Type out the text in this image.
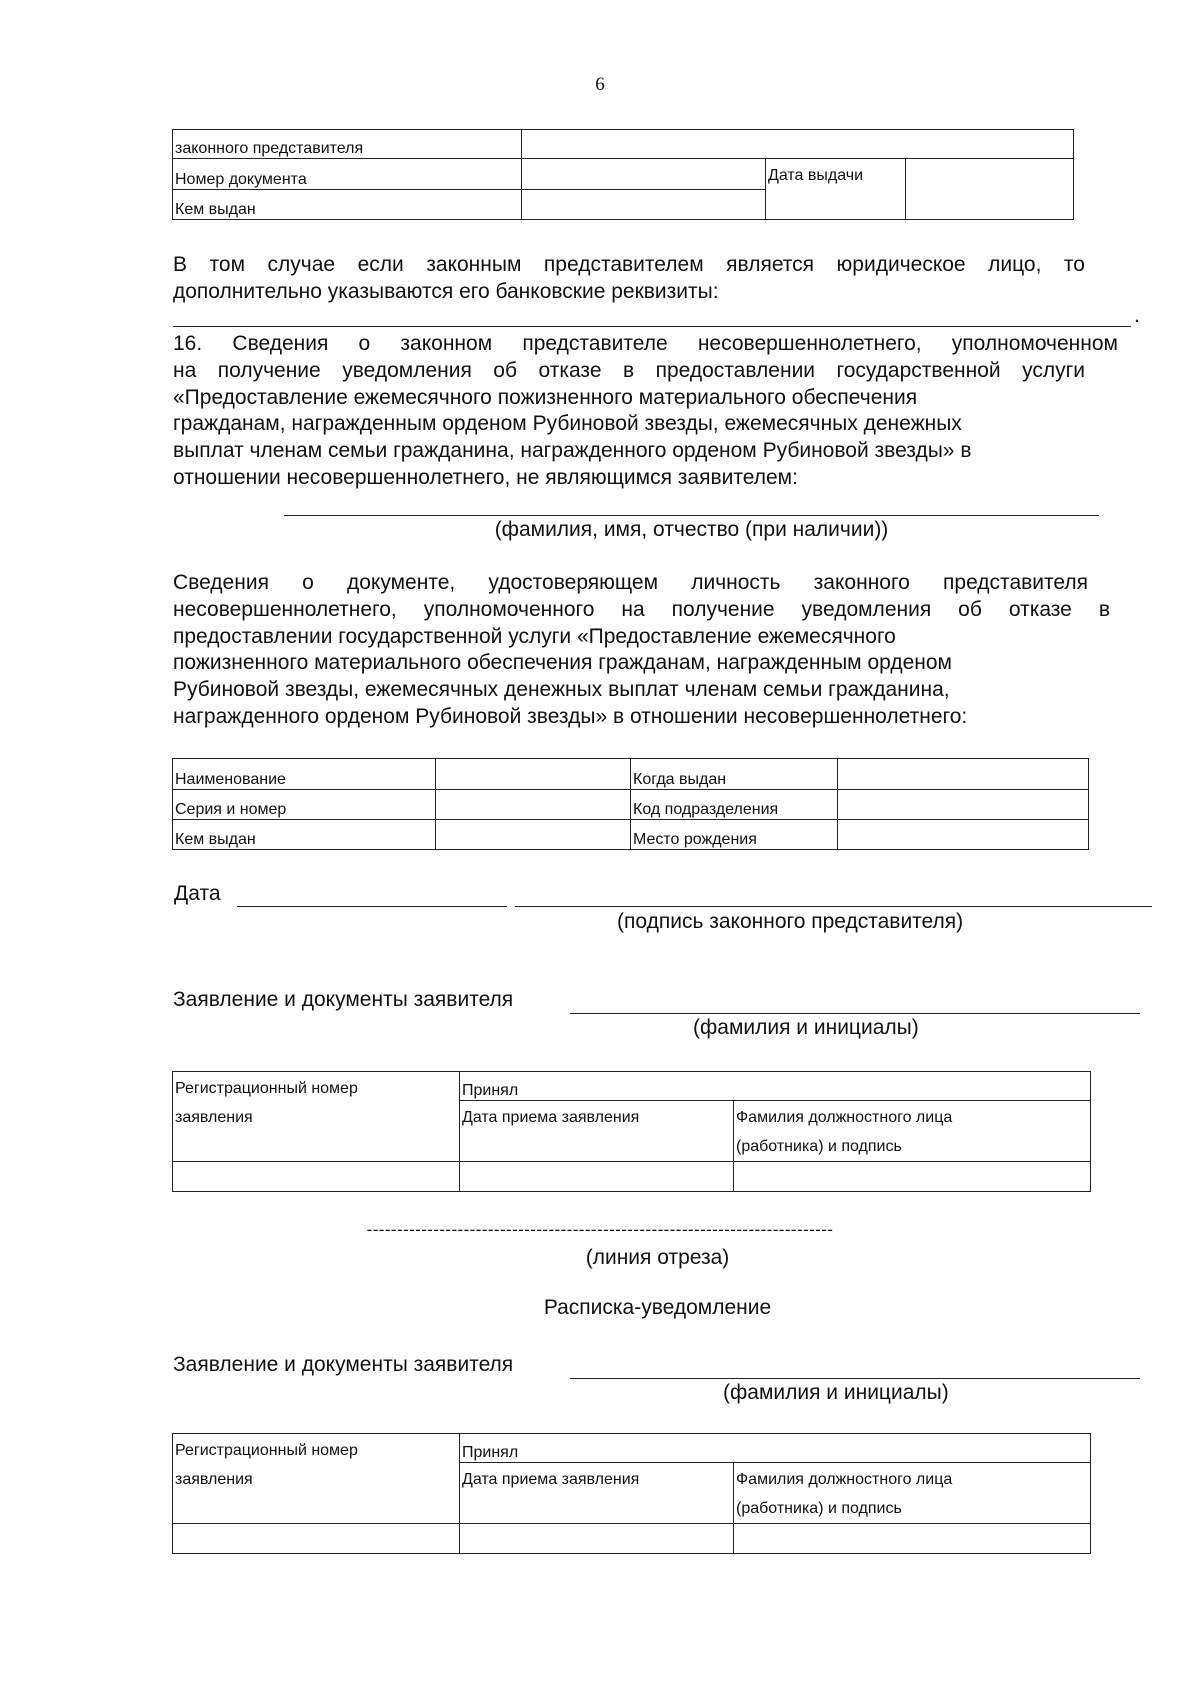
6
законного представителя			
Номер документа		Дата выдачи	
Кем выдан			
В том случае если законным представителем является юридическое лицо, то
дополнительно указываются его банковские реквизиты:
.
16. Сведения о законном представителе несовершеннолетнего, уполномоченном
на получение уведомления об отказе в предоставлении государственной услуги
«Предоставление ежемесячного пожизненного материального обеспечения
гражданам, награжденным орденом Рубиновой звезды, ежемесячных денежных
выплат членам семьи гражданина, награжденного орденом Рубиновой звезды» в
отношении несовершеннолетнего, не являющимся заявителем:
(фамилия, имя, отчество (при наличии))
Сведения о документе, удостоверяющем личность законного представителя
несовершеннолетнего, уполномоченного на получение уведомления об отказе в
предоставлении государственной услуги «Предоставление ежемесячного
пожизненного материального обеспечения гражданам, награжденным орденом
Рубиновой звезды, ежемесячных денежных выплат членам семьи гражданина,
награжденного орденом Рубиновой звезды» в отношении несовершеннолетнего:
Наименование		Когда выдан	
Серия и номер		Код подразделения	
Кем выдан		Место рождения	
Дата
(подпись законного представителя)
Заявление и документы заявителя
(фамилия и инициалы)
Регистрационный номер
заявления	Принял	
	Дата приема заявления	Фамилия должностного лица
(работника) и подпись

-----------------------------------------------------------------------------
(линия отреза)
Расписка-уведомление
Заявление и документы заявителя
(фамилия и инициалы)
Регистрационный номер
заявления	Принял	
	Дата приема заявления	Фамилия должностного лица
(работника) и подпись
